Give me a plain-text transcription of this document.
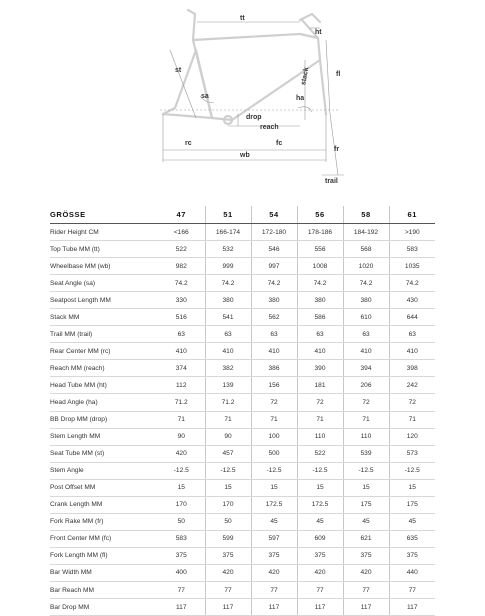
tt
ht
st
fl
stack
sa	ha
drop
reach
rc	fc
wb
fr
trail
GRÖSSE	47	51	54	56	58	61
Rider Height CM	<166	166-174	172-180	178-186	184-192	>190
Top Tube MM (tt)	522	532	546	556	568	583
Wheelbase MM (wb)	982	999	997	1008	1020	1035
Seat Angle (sa)	74.2	74.2	74.2	74.2	74.2	74.2
Seatpost Length MM	330	380	380	380	380	430
Stack MM	516	541	562	586	610	644
Trail MM (trail)	63	63	63	63	63	63
Rear Center MM (rc)	410	410	410	410	410	410
Reach MM (reach)	374	382	386	390	394	398
Head Tube MM (ht)	112	139	156	181	206	242
Head Angle (ha)	71.2	71.2	72	72	72	72
BB Drop MM (drop)	71	71	71	71	71	71
Stem Length MM	90	90	100	110	110	120
Seat Tube MM (st)	420	457	500	522	539	573
Stem Angle	-12.5	-12.5	-12.5	-12.5	-12.5	-12.5
Post Offset MM	15	15	15	15	15	15
Crank Length MM	170	170	172.5	172.5	175	175
Fork Rake MM (fr)	50	50	45	45	45	45
Front Center MM (fc)	583	599	597	609	621	635
Fork Length MM (fl)	375	375	375	375	375	375
Bar Width MM	400	420	420	420	420	440
Bar Reach MM	77	77	77	77	77	77
Bar Drop MM	117	117	117	117	117	117
